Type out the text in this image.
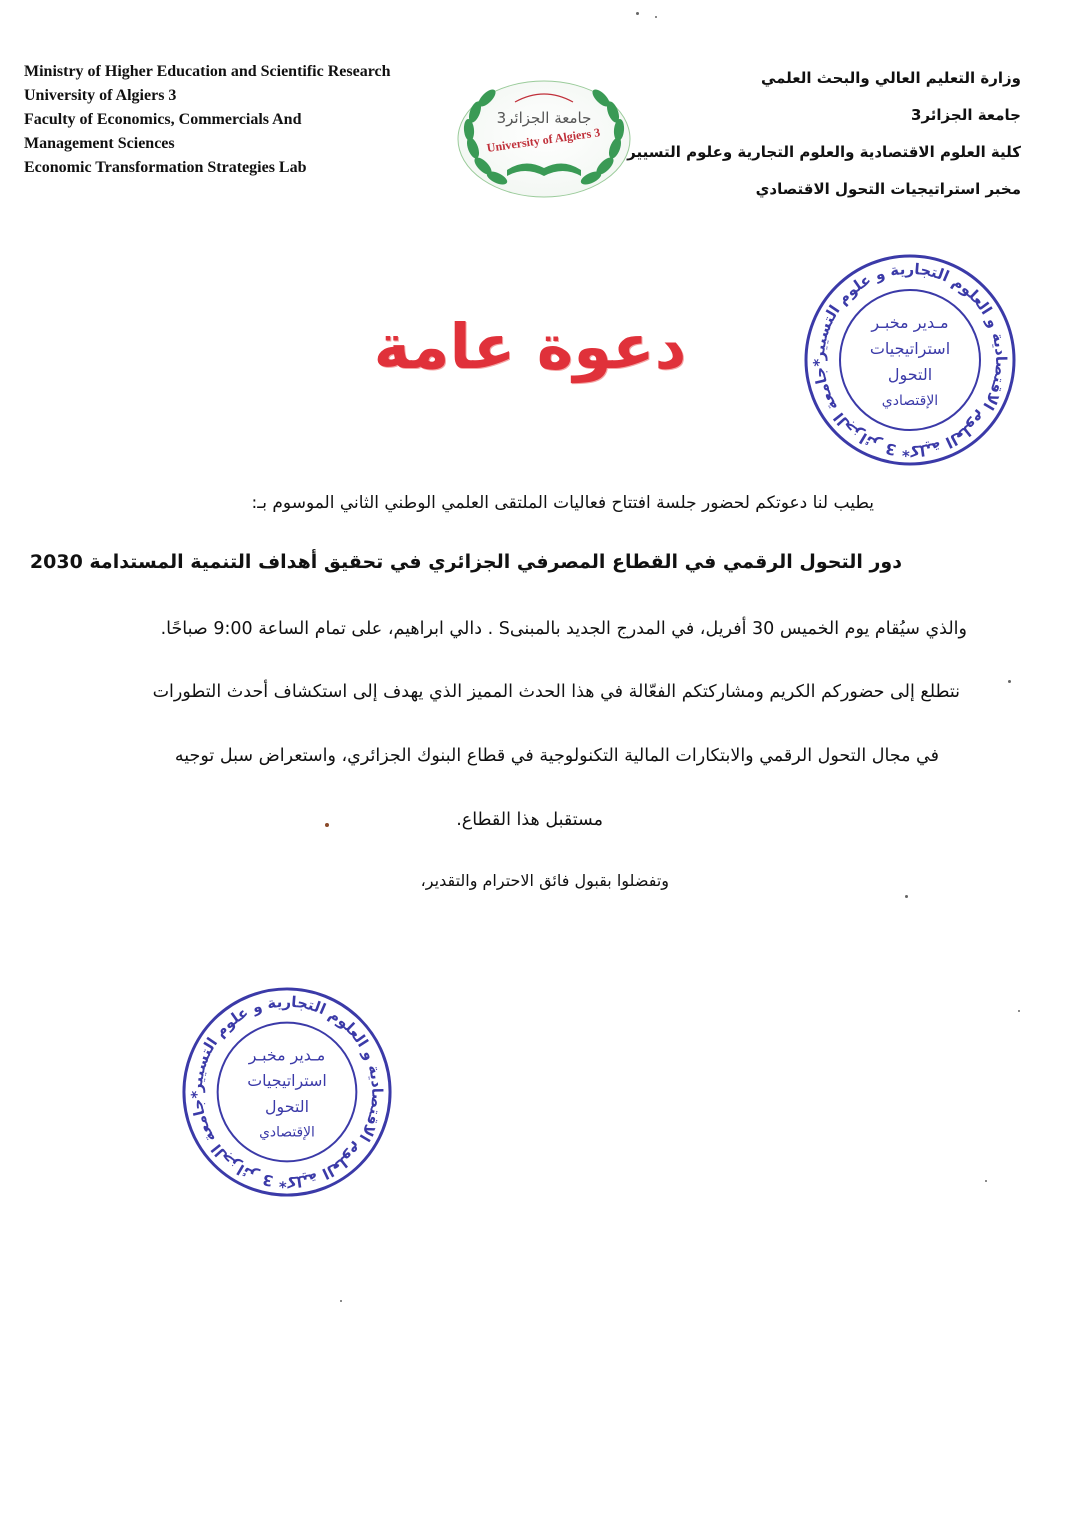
Ministry of Higher Education and Scientific Research
University of Algiers 3
Faculty of Economics, Commercials And
Management Sciences
Economic Transformation Strategies Lab
جامعة الجزائر3
University of Algiers 3
وزارة التعليم العالي والبحث العلمي
جامعة الجزائر3
كلية العلوم الاقتصادية والعلوم التجارية وعلوم التسيير
مخبر استراتيجيات التحول الاقتصادي
دعوة عامة	جامعة الجزائر 3 *كلية العلوم الاقتصادية و العلوم التجارية و علوم التسيير*
مـدير مخبـر
استراتيجيات
التحول
الإقتصادي
يطيب لنا دعوتكم لحضور جلسة افتتاح فعاليات الملتقى العلمي الوطني الثاني الموسوم بـ:
دور التحول الرقمي في القطاع المصرفي الجزائري في تحقيق أهداف التنمية المستدامة 2030
والذي سيُقام يوم الخميس 30 أفريل، في المدرج الجديد بالمبنىS . دالي ابراهيم، على تمام الساعة 9:00 صباحًا.
نتطلع إلى حضوركم الكريم ومشاركتكم الفعّالة في هذا الحدث المميز الذي يهدف إلى استكشاف أحدث التطورات
في مجال التحول الرقمي والابتكارات المالية التكنولوجية في قطاع البنوك الجزائري، واستعراض سبل توجيه
مستقبل هذا القطاع.
وتفضلوا بقبول فائق الاحترام والتقدير،
جامعة الجزائر 3 *كلية العلوم الاقتصادية و العلوم التجارية و علوم التسيير*
مـدير مخبـر
استراتيجيات
التحول
الإقتصادي
